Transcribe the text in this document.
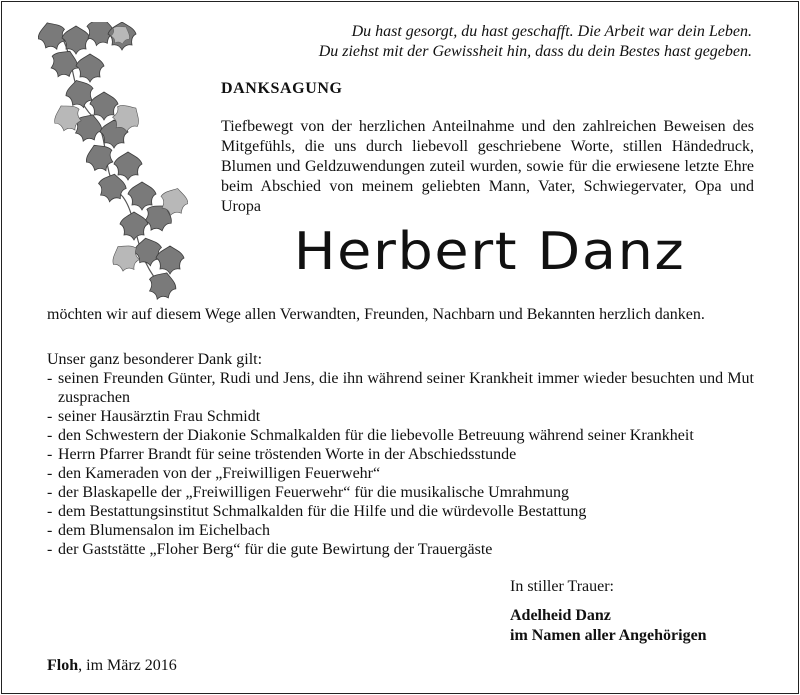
Du hast gesorgt, du hast geschafft. Die Arbeit war dein Leben.
Du ziehst mit der Gewissheit hin, dass du dein Bestes hast gegeben.
DANKSAGUNG

Tiefbewegt von der herzlichen Anteilnahme und den zahlreichen Beweisen des Mitgefühls, die uns durch liebevoll geschriebene Worte, stillen Händedruck, Blumen und Geldzuwendungen zuteil wurden, sowie für die erwiesene letzte Ehre beim Abschied von meinem geliebten Mann, Vater, Schwiegervater, Opa und Uropa

Herbert Danz

möchten wir auf diesem Wege allen Verwandten, Freunden, Nachbarn und Bekannten herzlich danken.

Unser ganz besonderer Dank gilt:
- seinen Freunden Günter, Rudi und Jens, die ihn während seiner Krankheit immer wieder besuchten und Mut zusprachen
- seiner Hausärztin Frau Schmidt
- den Schwestern der Diakonie Schmalkalden für die liebevolle Betreuung während seiner Krankheit
- Herrn Pfarrer Brandt für seine tröstenden Worte in der Abschiedsstunde
- den Kameraden von der „Freiwilligen Feuerwehr“
- der Blaskapelle der „Freiwilligen Feuerwehr“ für die musikalische Umrahmung
- dem Bestattungsinstitut Schmalkalden für die Hilfe und die würdevolle Bestattung
- dem Blumensalon im Eichelbach
- der Gaststätte „Floher Berg“ für die gute Bewirtung der Trauergäste
In stiller Trauer:
Adelheid Danz
im Namen aller Angehörigen
Floh, im März 2016
